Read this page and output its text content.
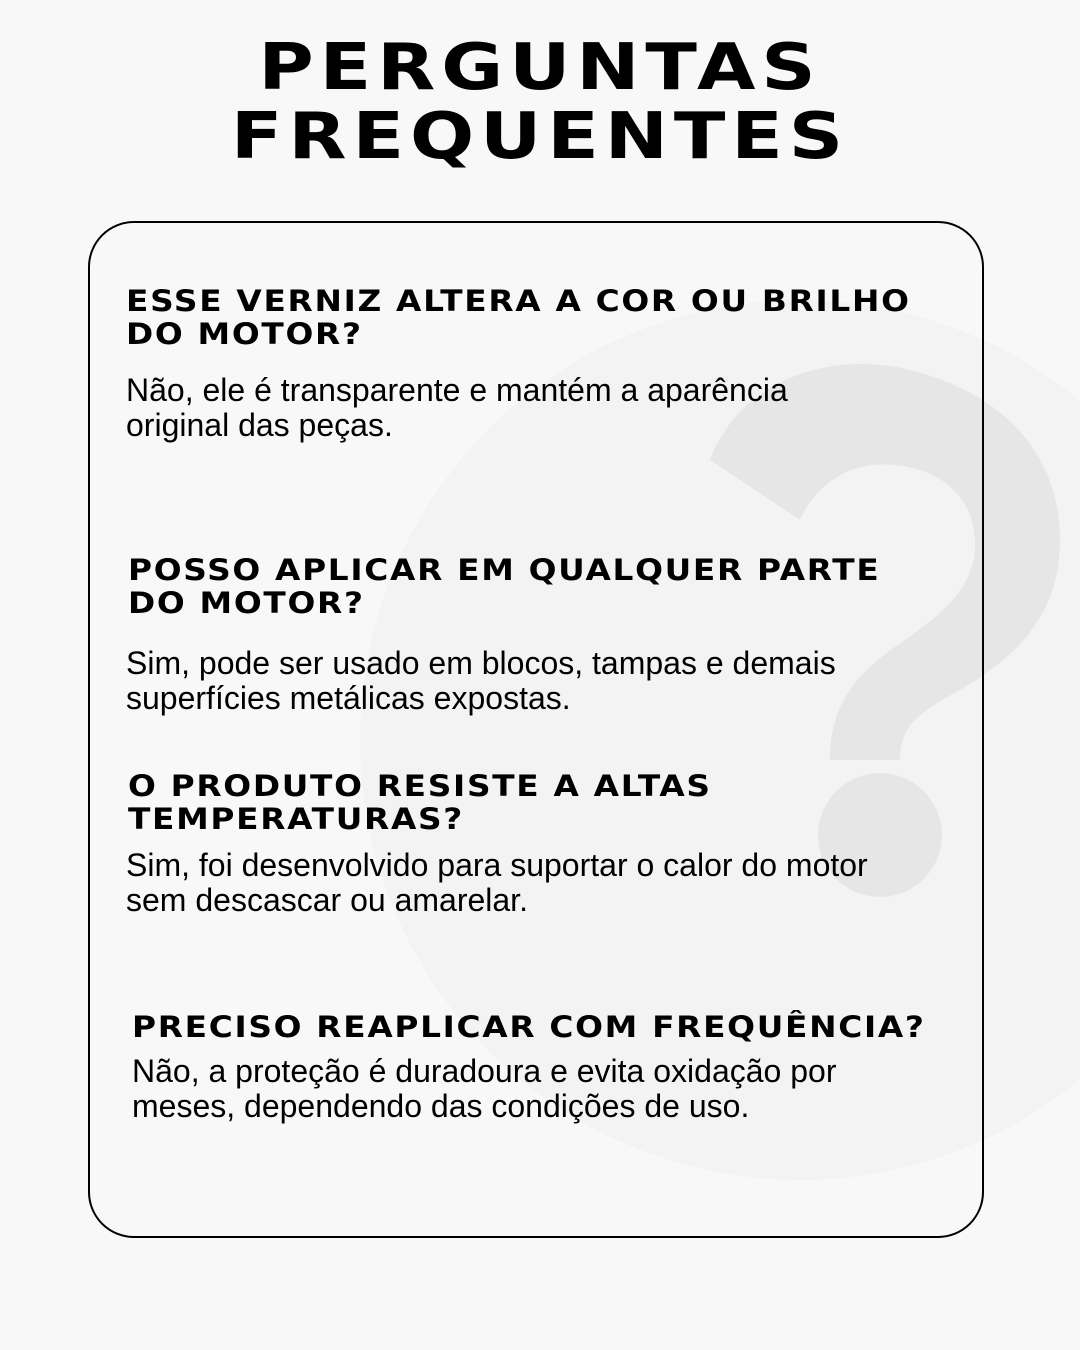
PERGUNTAS
FREQUENTES

ESSE VERNIZ ALTERA A COR OU BRILHO
DO MOTOR?

Não, ele é transparente e mantém a aparência
original das peças.

POSSO APLICAR EM QUALQUER PARTE
DO MOTOR?

Sim, pode ser usado em blocos, tampas e demais
superfícies metálicas expostas.

O PRODUTO RESISTE A ALTAS
TEMPERATURAS?

Sim, foi desenvolvido para suportar o calor do motor
sem descascar ou amarelar.

PRECISO REAPLICAR COM FREQUÊNCIA?

Não, a proteção é duradoura e evita oxidação por
meses, dependendo das condições de uso.
